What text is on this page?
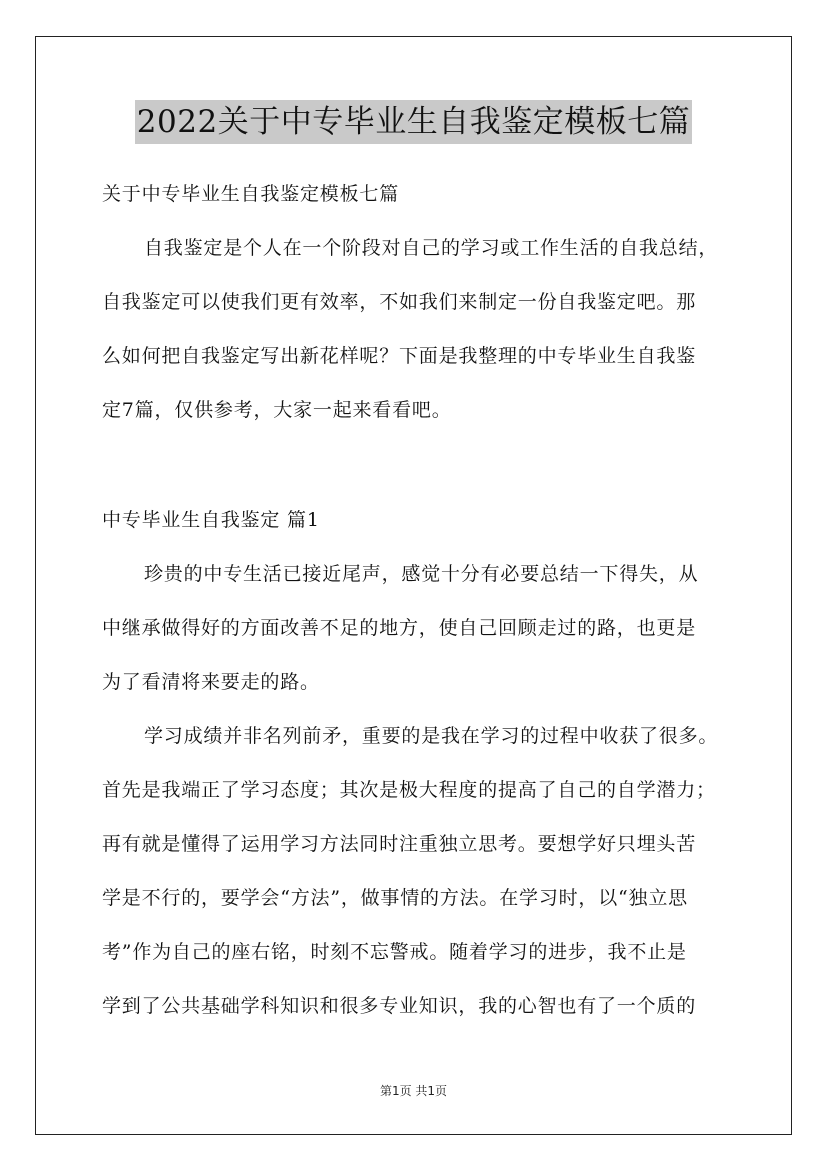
2022关于中专毕业生自我鉴定模板七篇

关于中专毕业生自我鉴定模板七篇

自我鉴定是个人在一个阶段对自己的学习或工作生活的自我总结，

自我鉴定可以使我们更有效率，不如我们来制定一份自我鉴定吧。那

么如何把自我鉴定写出新花样呢？下面是我整理的中专毕业生自我鉴

定7篇，仅供参考，大家一起来看看吧。

中专毕业生自我鉴定 篇1

珍贵的中专生活已接近尾声，感觉十分有必要总结一下得失，从

中继承做得好的方面改善不足的地方，使自己回顾走过的路，也更是

为了看清将来要走的路。

学习成绩并非名列前矛，重要的是我在学习的过程中收获了很多。

首先是我端正了学习态度；其次是极大程度的提高了自己的自学潜力；

再有就是懂得了运用学习方法同时注重独立思考。要想学好只埋头苦

学是不行的，要学会“方法”，做事情的方法。在学习时，以“独立思

考”作为自己的座右铭，时刻不忘警戒。随着学习的进步，我不止是

学到了公共基础学科知识和很多专业知识，我的心智也有了一个质的

第1页 共1页
